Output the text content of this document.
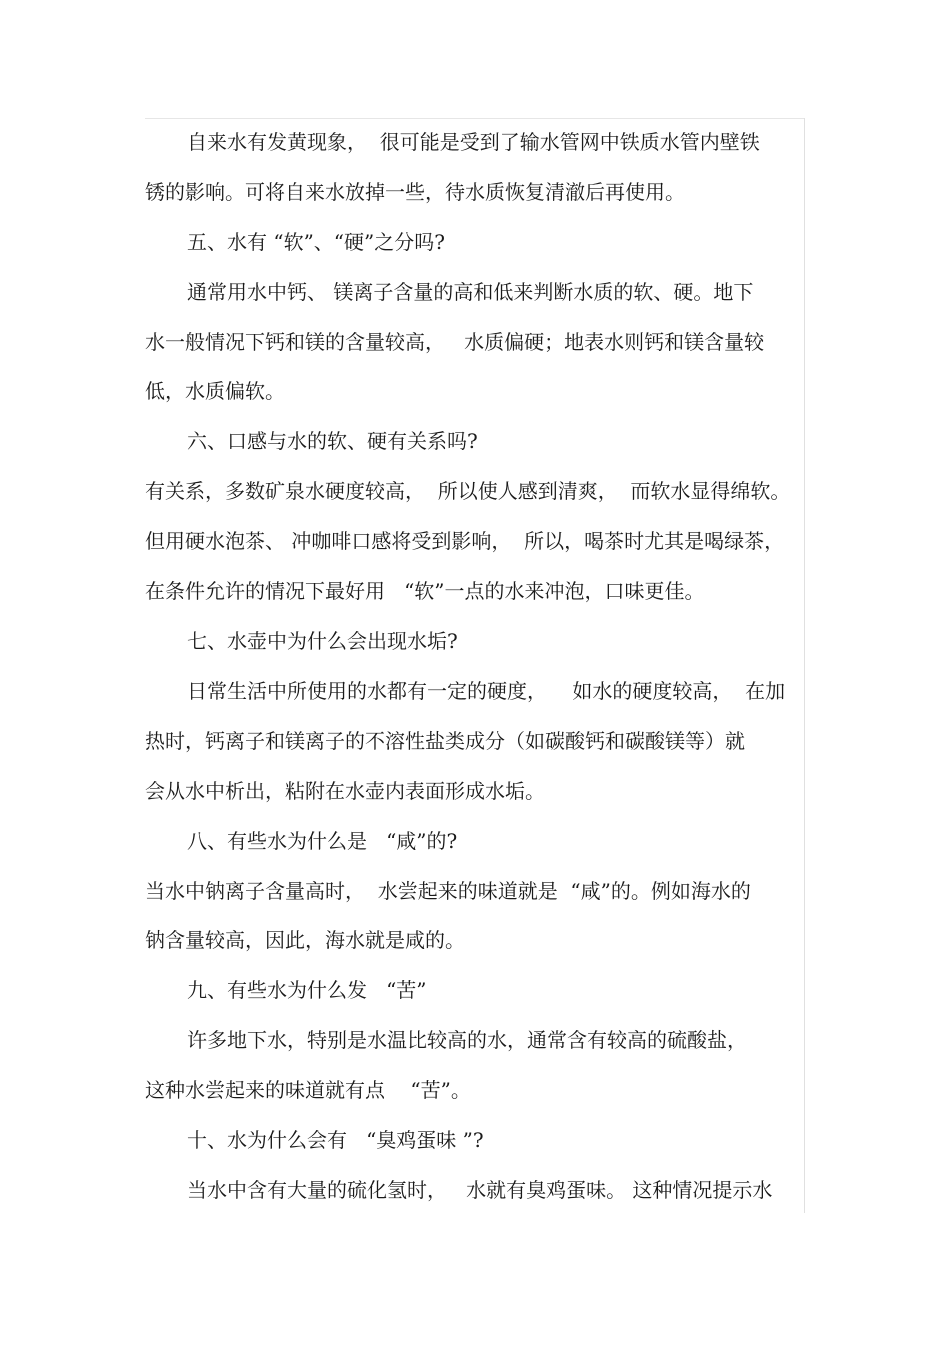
自来水有发黄现象，  很可能是受到了输水管网中铁质水管内壁铁
锈的影响。可将自来水放掉一些，待水质恢复清澈后再使用。
五、水有 “软”、“硬”之分吗?
通常用水中钙、 镁离子含量的高和低来判断水质的软、硬。地下
水一般情况下钙和镁的含量较高，   水质偏硬；地表水则钙和镁含量较
低，水质偏软。
六、口感与水的软、硬有关系吗?
有关系，多数矿泉水硬度较高，  所以使人感到清爽，  而软水显得绵软。
但用硬水泡茶、 冲咖啡口感将受到影响，  所以，喝茶时尤其是喝绿茶，
在条件允许的情况下最好用   “软”一点的水来冲泡，口味更佳。
七、水壶中为什么会出现水垢?
日常生活中所使用的水都有一定的硬度，    如水的硬度较高，  在加
热时，钙离子和镁离子的不溶性盐类成分（如碳酸钙和碳酸镁等）就
会从水中析出，粘附在水壶内表面形成水垢。
八、有些水为什么是   “咸”的?
当水中钠离子含量高时，  水尝起来的味道就是  “咸”的。例如海水的
钠含量较高，因此，海水就是咸的。
九、有些水为什么发   “苦”
许多地下水，特别是水温比较高的水，通常含有较高的硫酸盐，
这种水尝起来的味道就有点    “苦”。
十、水为什么会有   “臭鸡蛋味 ”?
当水中含有大量的硫化氢时，   水就有臭鸡蛋味。 这种情况提示水
